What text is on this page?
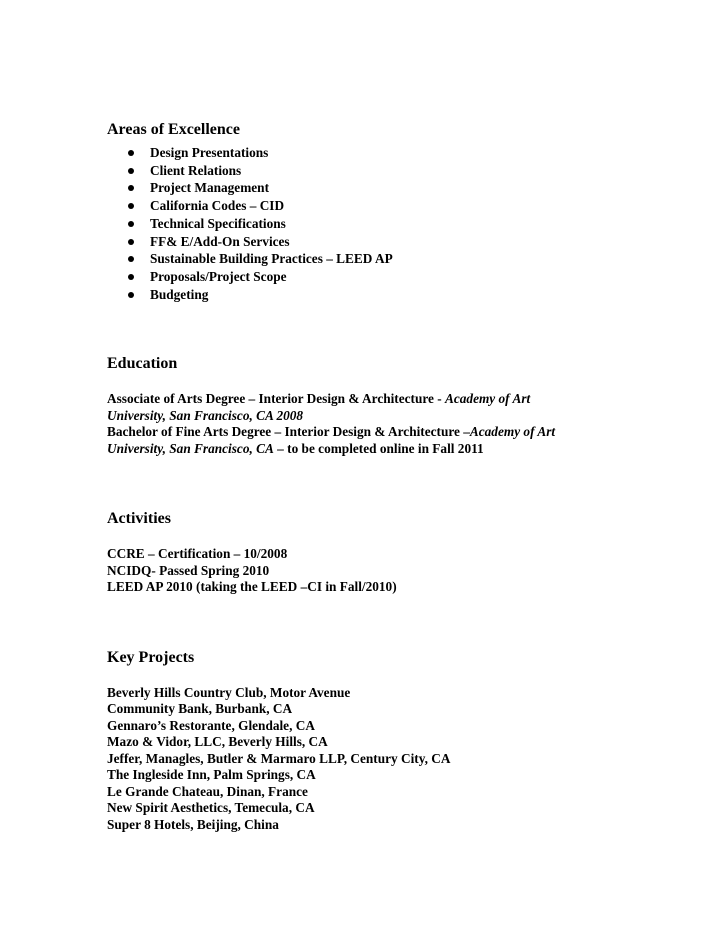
Areas of Excellence
Design Presentations
Client Relations
Project Management
California Codes – CID
Technical Specifications
FF& E/Add-On Services
Sustainable Building Practices – LEED AP
Proposals/Project Scope
Budgeting
Education
Associate of Arts Degree – Interior Design & Architecture - Academy of Art
University, San Francisco, CA 2008
Bachelor of Fine Arts Degree – Interior Design & Architecture –Academy of Art
University, San Francisco, CA – to be completed online in Fall 2011
Activities
CCRE – Certification – 10/2008
NCIDQ- Passed Spring 2010
LEED AP 2010 (taking the LEED –CI in Fall/2010)
Key Projects
Beverly Hills Country Club, Motor Avenue
Community Bank, Burbank, CA
Gennaro’s Restorante, Glendale, CA
Mazo & Vidor, LLC, Beverly Hills, CA
Jeffer, Managles, Butler & Marmaro LLP, Century City, CA
The Ingleside Inn, Palm Springs, CA
Le Grande Chateau, Dinan, France
New Spirit Aesthetics, Temecula, CA
Super 8 Hotels, Beijing, China
